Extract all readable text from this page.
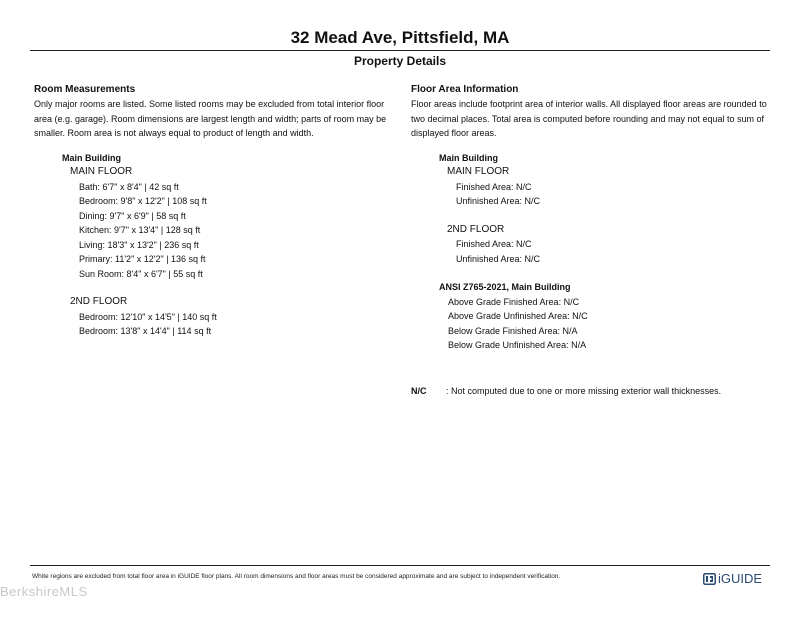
32 Mead Ave, Pittsfield, MA
Property Details
Room Measurements
Only major rooms are listed. Some listed rooms may be excluded from total interior floor area (e.g. garage). Room dimensions are largest length and width; parts of room may be smaller. Room area is not always equal to product of length and width.
Main Building
MAIN FLOOR
Bath: 6'7" x 8'4" | 42 sq ft
Bedroom: 9'8" x 12'2" | 108 sq ft
Dining: 9'7" x 6'9" | 58 sq ft
Kitchen: 9'7" x 13'4" | 128 sq ft
Living: 18'3" x 13'2" | 236 sq ft
Primary: 11'2" x 12'2" | 136 sq ft
Sun Room: 8'4" x 6'7" | 55 sq ft
2ND FLOOR
Bedroom: 12'10" x 14'5" | 140 sq ft
Bedroom: 13'8" x 14'4" | 114 sq ft
Floor Area Information
Floor areas include footprint area of interior walls. All displayed floor areas are rounded to two decimal places. Total area is computed before rounding and may not equal to sum of displayed floor areas.
Main Building
MAIN FLOOR
Finished Area: N/C
Unfinished Area: N/C
2ND FLOOR
Finished Area: N/C
Unfinished Area: N/C
ANSI Z765-2021, Main Building
Above Grade Finished Area: N/C
Above Grade Unfinished Area: N/C
Below Grade Finished Area: N/A
Below Grade Unfinished Area: N/A
N/C : Not computed due to one or more missing exterior wall thicknesses.
White regions are excluded from total floor area in iGUIDE floor plans. All room dimensions and floor areas must be considered approximate and are subject to independent verification.	iGUIDE
BerkshireMLS
